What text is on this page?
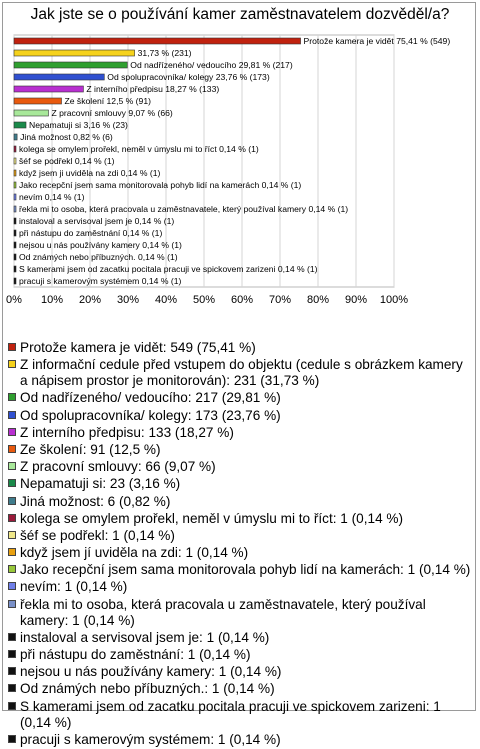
Jak jste se o používání kamer zaměstnavatelem dozvěděl/a?
0% 10% 20% 30% 40% 50% 60% 70% 80% 90% 100%
Protože kamera je vidět 75,41 % (549)
31,73 % (231)
Od nadřízeného/ vedoucího 29,81 % (217)
Od spolupracovníka/ kolegy 23,76 % (173)
Z interního předpisu 18,27 % (133)
Ze školení 12,5 % (91)
Z pracovní smlouvy 9,07 % (66)
Nepamatuji si 3,16 % (23)
Jiná možnost 0,82 % (6)
kolega se omylem prořekl, neměl v úmyslu mi to říct 0,14 % (1)
šéf se podřekl 0,14 % (1)
když jsem ji uviděla na zdi 0,14 % (1)
Jako recepční jsem sama monitorovala pohyb lidí na kamerách 0,14 % (1)
nevím 0,14 % (1)
řekla mi to osoba, která pracovala u zaměstnavatele, který používal kamery 0,14 % (1)
instaloval a servisoval jsem je 0,14 % (1)
při nástupu do zaměstnání 0,14 % (1)
nejsou u nás používány kamery 0,14 % (1)
Od známých nebo příbuzných. 0,14 % (1)
S kamerami jsem od zacatku pocitala pracuji ve spickovem zarizeni 0,14 % (1)
pracuji s kamerovým systémem 0,14 % (1)
Protože kamera je vidět: 549 (75,41 %)
Z informační cedule před vstupem do objektu (cedule s obrázkem kamery a nápisem prostor je monitorován): 231 (31,73 %)
Od nadřízeného/ vedoucího: 217 (29,81 %)
Od spolupracovníka/ kolegy: 173 (23,76 %)
Z interního předpisu: 133 (18,27 %)
Ze školení: 91 (12,5 %)
Z pracovní smlouvy: 66 (9,07 %)
Nepamatuji si: 23 (3,16 %)
Jiná možnost: 6 (0,82 %)
kolega se omylem prořekl, neměl v úmyslu mi to říct: 1 (0,14 %)
šéf se podřekl: 1 (0,14 %)
když jsem jí uviděla na zdi: 1 (0,14 %)
Jako recepční jsem sama monitorovala pohyb lidí na kamerách: 1 (0,14 %)
nevím: 1 (0,14 %)
řekla mi to osoba, která pracovala u zaměstnavatele, který používal kamery: 1 (0,14 %)
instaloval a servisoval jsem je: 1 (0,14 %)
při nástupu do zaměstnání: 1 (0,14 %)
nejsou u nás používány kamery: 1 (0,14 %)
Od známých nebo příbuzných.: 1 (0,14 %)
S kamerami jsem od zacatku pocitala pracuji ve spickovem zarizeni: 1 (0,14 %)
pracuji s kamerovým systémem: 1 (0,14 %)
